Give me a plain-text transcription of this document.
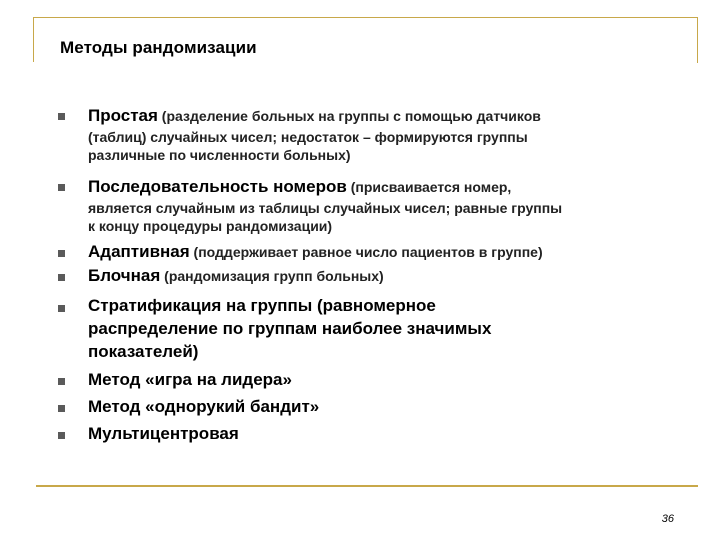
Методы рандомизации
Простая (разделение больных на группы с помощью датчиков
(таблиц) случайных чисел; недостаток – формируются группы
различные по численности больных)
Последовательность номеров (присваивается номер,
является случайным из таблицы случайных чисел; равные группы
к концу процедуры рандомизации)
Адаптивная (поддерживает равное число пациентов в группе)
Блочная (рандомизация групп больных)
Стратификация на группы (равномерное
распределение по группам наиболее значимых
показателей)
Метод «игра на лидера»
Метод «однорукий бандит»
Мультицентровая
36
